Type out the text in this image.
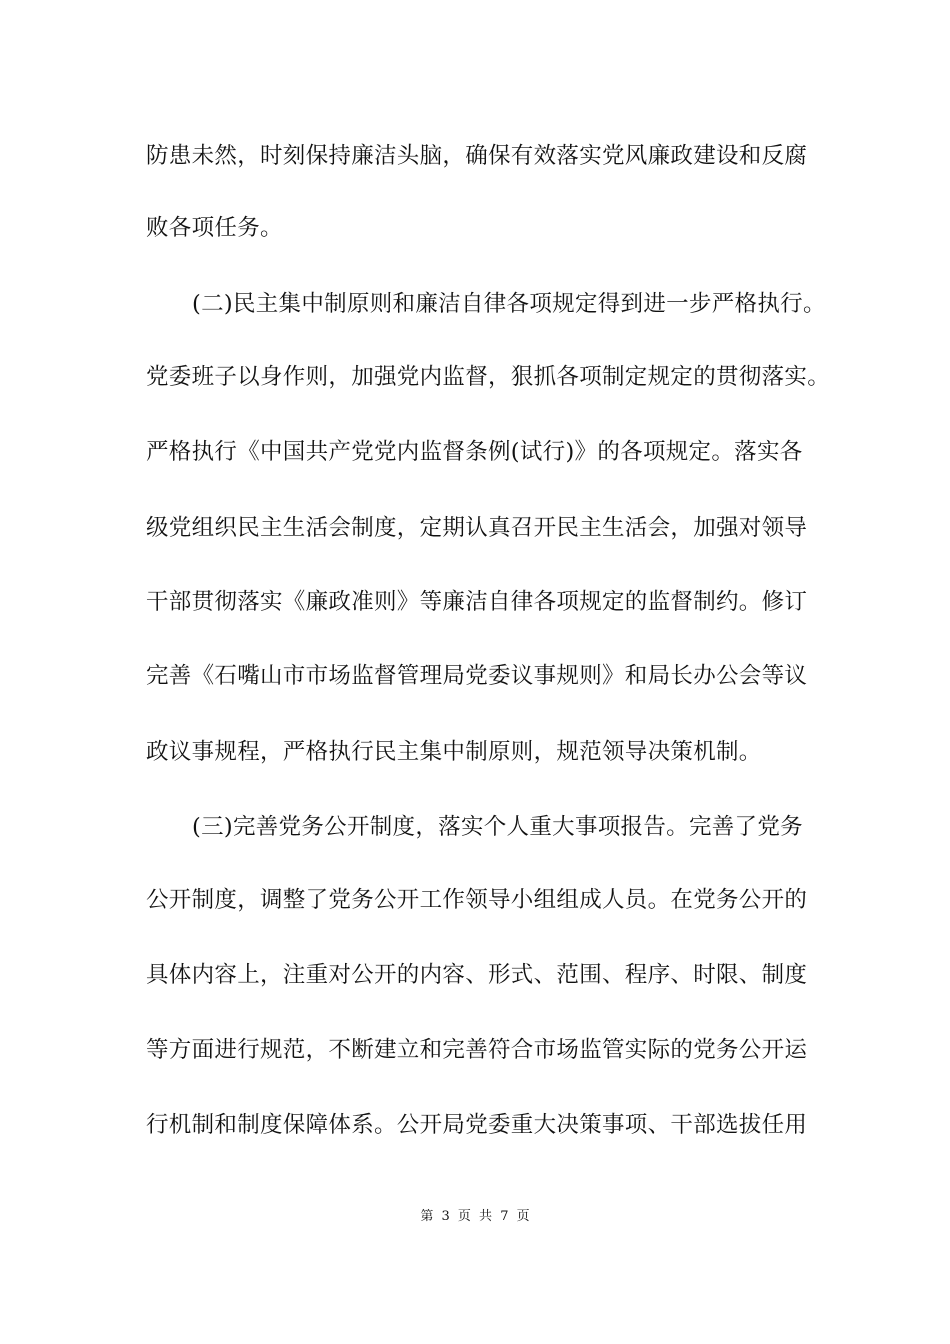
防患未然，时刻保持廉洁头脑，确保有效落实党风廉政建设和反腐
败各项任务。
(二)民主集中制原则和廉洁自律各项规定得到进一步严格执行。
党委班子以身作则，加强党内监督，狠抓各项制定规定的贯彻落实。
严格执行《中国共产党党内监督条例(试行)》的各项规定。落实各
级党组织民主生活会制度，定期认真召开民主生活会，加强对领导
干部贯彻落实《廉政准则》等廉洁自律各项规定的监督制约。修订
完善《石嘴山市市场监督管理局党委议事规则》和局长办公会等议
政议事规程，严格执行民主集中制原则，规范领导决策机制。
(三)完善党务公开制度，落实个人重大事项报告。完善了党务
公开制度，调整了党务公开工作领导小组组成人员。在党务公开的
具体内容上，注重对公开的内容、形式、范围、程序、时限、制度
等方面进行规范，不断建立和完善符合市场监管实际的党务公开运
行机制和制度保障体系。公开局党委重大决策事项、干部选拔任用
第 3 页 共 7 页
